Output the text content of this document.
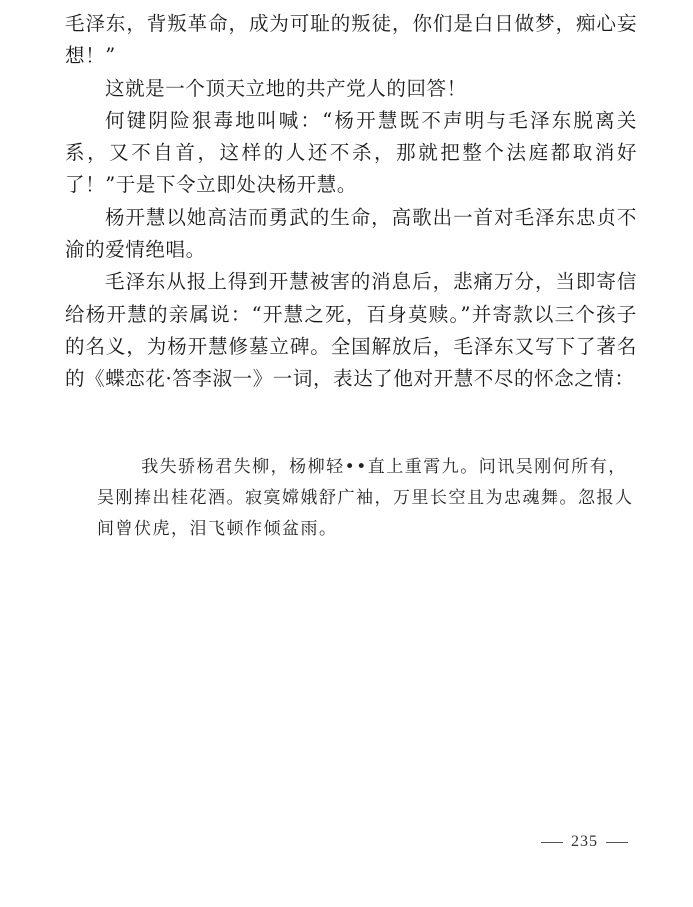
毛泽东，背叛革命，成为可耻的叛徒，你们是白日做梦，痴心妄想！”

这就是一个顶天立地的共产党人的回答！

何键阴险狠毒地叫喊：“杨开慧既不声明与毛泽东脱离关系，又不自首，这样的人还不杀，那就把整个法庭都取消好了！”于是下令立即处决杨开慧。

杨开慧以她高洁而勇武的生命，高歌出一首对毛泽东忠贞不渝的爱情绝唱。

毛泽东从报上得到开慧被害的消息后，悲痛万分，当即寄信给杨开慧的亲属说：“开慧之死，百身莫赎。”并寄款以三个孩子的名义，为杨开慧修墓立碑。全国解放后，毛泽东又写下了著名的《蝶恋花·答李淑一》一词，表达了他对开慧不尽的怀念之情：

我失骄杨君失柳，杨柳轻••直上重霄九。问讯吴刚何所有，吴刚捧出桂花酒。寂寞嫦娥舒广袖，万里长空且为忠魂舞。忽报人间曾伏虎，泪飞顿作倾盆雨。

235
